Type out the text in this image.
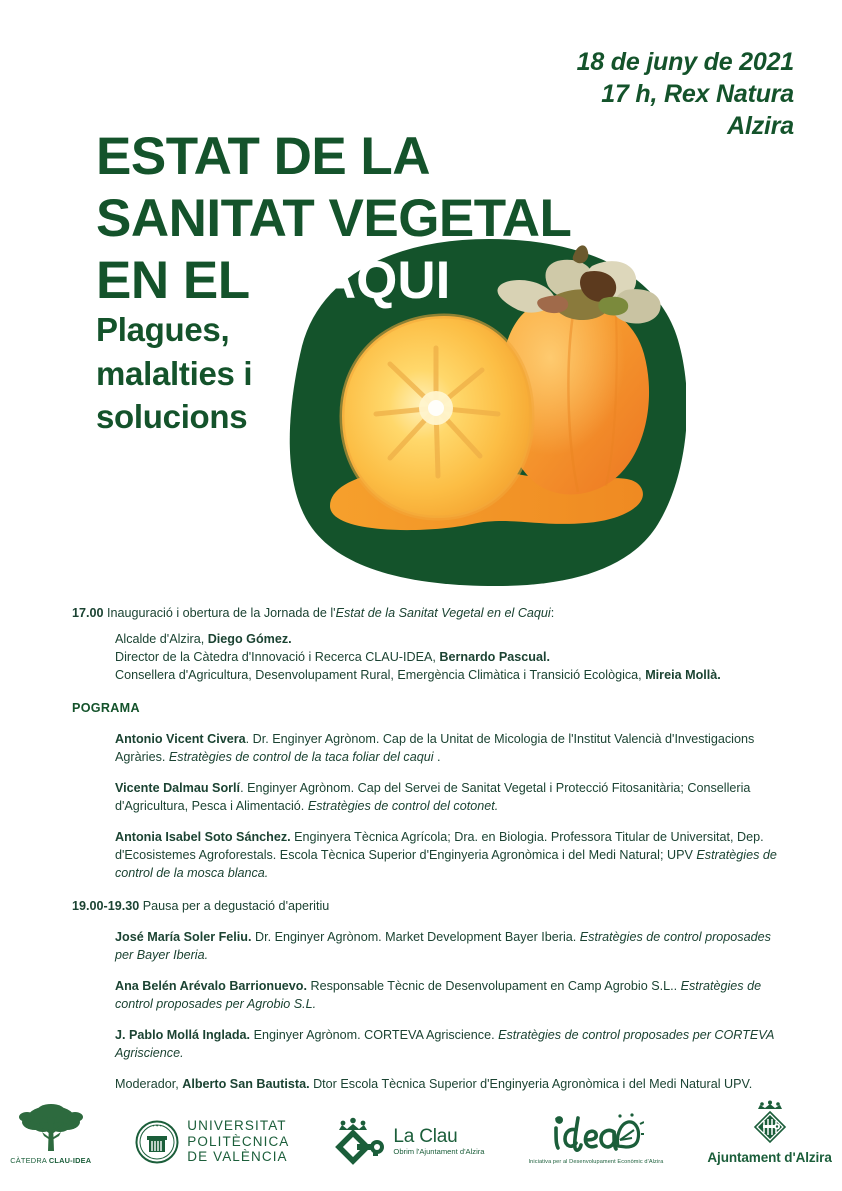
18 de juny de 2021
17 h, Rex Natura
Alzira
ESTAT DE LA
SANITAT VEGETAL
EN EL CAQUI
Plagues,
malalties i
solucions
17.00 Inauguració i obertura de la Jornada de l'Estat de la Sanitat Vegetal en el Caqui:
Alcalde d'Alzira, Diego Gómez.
Director de la Càtedra d'Innovació i Recerca CLAU-IDEA, Bernardo Pascual.
Consellera d'Agricultura, Desenvolupament Rural, Emergència Climàtica i Transició Ecològica, Mireia Mollà.
POGRAMA
Antonio Vicent Civera. Dr. Enginyer Agrònom. Cap de la Unitat de Micologia de l'Institut Valencià d'Investigacions Agràries. Estratègies de control de la taca foliar del caqui .
Vicente Dalmau Sorlí. Enginyer Agrònom. Cap del Servei de Sanitat Vegetal i Protecció Fitosanitària; Conselleria d'Agricultura, Pesca i Alimentació. Estratègies de control del cotonet.
Antonia Isabel Soto Sánchez. Enginyera Tècnica Agrícola; Dra. en Biologia. Professora Titular de Universitat, Dep. d'Ecosistemes Agroforestals. Escola Tècnica Superior d'Enginyeria Agronòmica i del Medi Natural; UPV Estratègies de control de la mosca blanca.
19.00-19.30 Pausa per a degustació d'aperitiu
José María Soler Feliu. Dr. Enginyer Agrònom. Market Development Bayer Iberia. Estratègies de control proposades per Bayer Iberia.
Ana Belén Arévalo Barrionuevo. Responsable Tècnic de Desenvolupament en Camp Agrobio S.L.. Estratègies de control proposades per Agrobio S.L.
J. Pablo Mollá Inglada. Enginyer Agrònom. CORTEVA Agriscience. Estratègies de control proposades per CORTEVA Agriscience.
Moderador, Alberto San Bautista. Dtor Escola Tècnica Superior d'Enginyeria Agronòmica i del Medi Natural UPV.
CÀTEDRA CLAU-IDEA
✦ ✦ ✦ UNIVERSITAT
POLITÈCNICA
DE VALÈNCIA
La Clau
Obrim l'Ajuntament d'Alzira
Iniciativa per al Desenvolupament Econòmic d'Alzira	Ajuntament d'Alzira
